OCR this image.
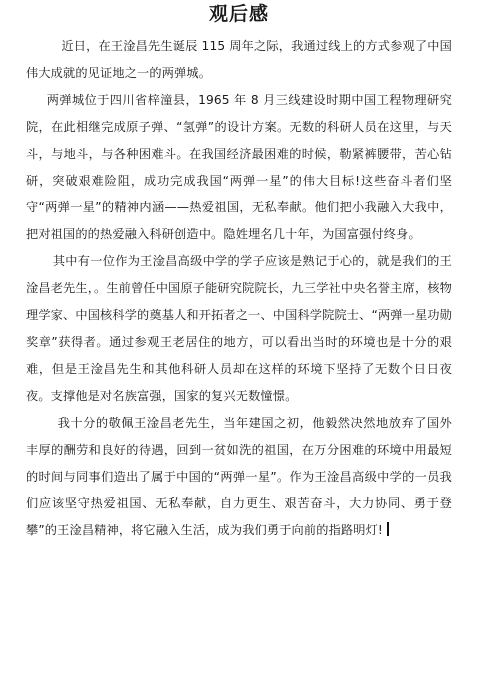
观后感

近日，在王淦昌先生诞辰 115 周年之际，我通过线上的方式参观了中国伟大成就的见证地之一的两弹城。

两弹城位于四川省梓潼县，1965 年 8 月三线建设时期中国工程物理研究院，在此相继完成原子弹、“氢弹”的设计方案。无数的科研人员在这里，与天斗，与地斗，与各种困难斗。在我国经济最困难的时候，勒紧裤腰带，苦心钻研，突破艰难险阻，成功完成我国“两弹一星”的伟大目标!这些奋斗者们坚守“两弹一星”的精神内涵——热爱祖国，无私奉献。他们把小我融入大我中，把对祖国的的热爱融入科研创造中。隐姓埋名几十年，为国富强付终身。

其中有一位作为王淦昌高级中学的学子应该是熟记于心的，就是我们的王淦昌老先生，。生前曾任中国原子能研究院院长，九三学社中央名誉主席，核物理学家、中国核科学的奠基人和开拓者之一、中国科学院院士、“两弹一星功勋奖章”获得者。通过参观王老居住的地方，可以看出当时的环境也是十分的艰难，但是王淦昌先生和其他科研人员却在这样的环境下坚持了无数个日日夜夜。支撑他是对名族富强，国家的复兴无数憧憬。

我十分的敬佩王淦昌老先生，当年建国之初，他毅然决然地放弃了国外丰厚的酬劳和良好的待遇，回到一贫如洗的祖国，在万分困难的环境中用最短的时间与同事们造出了属于中国的“两弹一星”。作为王淦昌高级中学的一员我们应该坚守热爱祖国、无私奉献，自力更生、艰苦奋斗，大力协同、勇于登攀”的王淦昌精神，将它融入生活，成为我们勇于向前的指路明灯!
